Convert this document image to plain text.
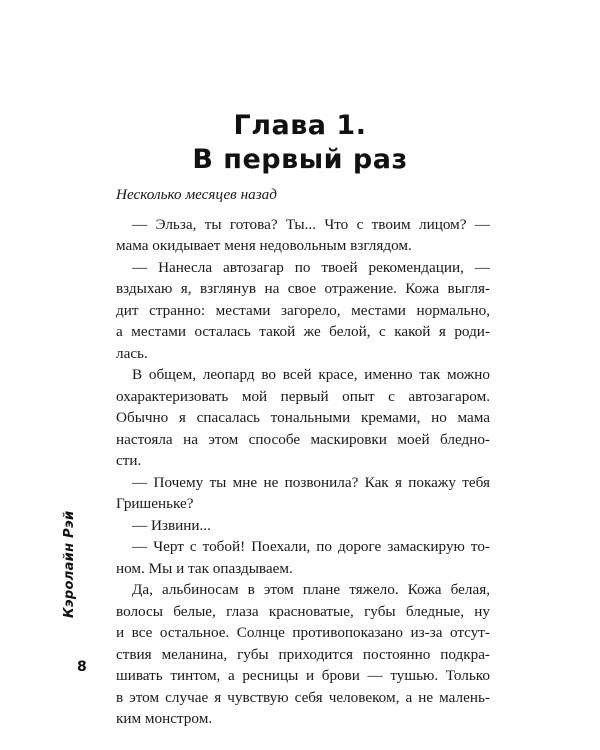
Глава 1.
В первый раз

Несколько месяцев назад

— Эльза, ты готова? Ты... Что с твоим лицом? —
мама окидывает меня недовольным взглядом.
— Нанесла автозагар по твоей рекомендации, —
вздыхаю я, взглянув на свое отражение. Кожа выгля-
дит странно: местами загорело, местами нормально,
а местами осталась такой же белой, с какой я роди-
лась.
В общем, леопард во всей красе, именно так можно
охарактеризовать мой первый опыт с автозагаром.
Обычно я спасалась тональными кремами, но мама
настояла на этом способе маскировки моей бледно-
сти.
— Почему ты мне не позвонила? Как я покажу тебя
Гришеньке?
— Извини...
— Черт с тобой! Поехали, по дороге замаскирую то-
ном. Мы и так опаздываем.
Да, альбиносам в этом плане тяжело. Кожа белая,
волосы белые, глаза красноватые, губы бледные, ну
и все остальное. Солнце противопоказано из-за отсут-
ствия меланина, губы приходится постоянно подкра-
шивать тинтом, а ресницы и брови — тушью. Только
в этом случае я чувствую себя человеком, а не малень-
ким монстром.
Кэролайн Рэй
8
